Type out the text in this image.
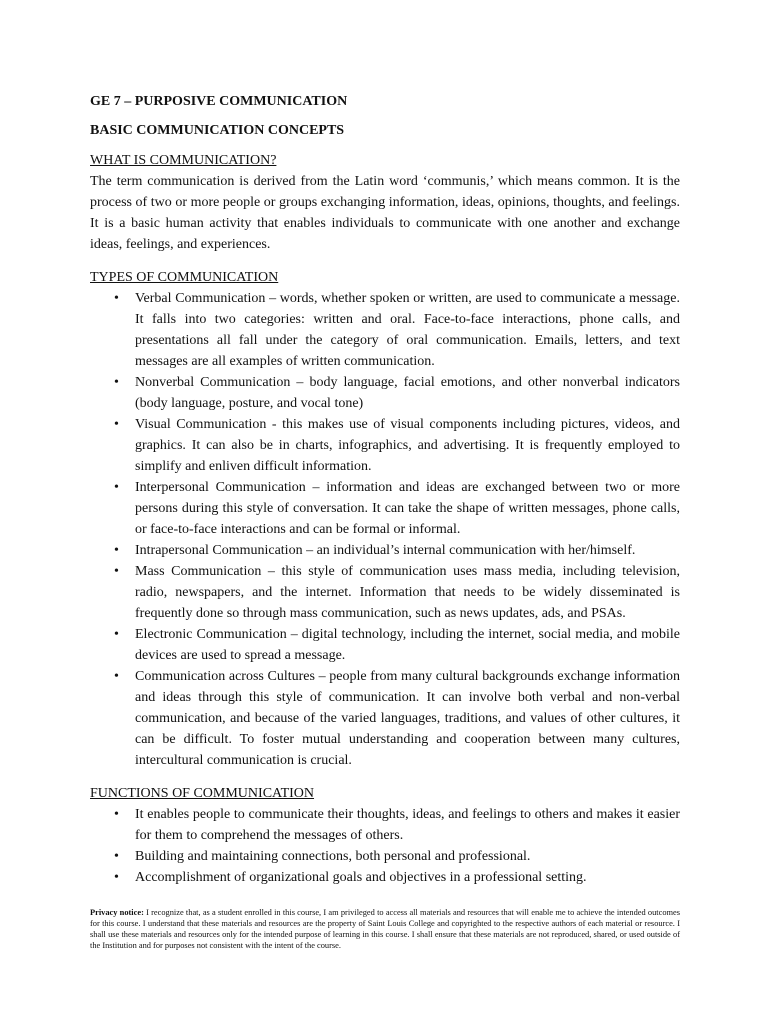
GE 7 – PURPOSIVE COMMUNICATION
BASIC COMMUNICATION CONCEPTS
WHAT IS COMMUNICATION?

The term communication is derived from the Latin word ‘communis,’ which means common. It is the process of two or more people or groups exchanging information, ideas, opinions, thoughts, and feelings. It is a basic human activity that enables individuals to communicate with one another and exchange ideas, feelings, and experiences.

TYPES OF COMMUNICATION
• Verbal Communication – words, whether spoken or written, are used to communicate a message. It falls into two categories: written and oral. Face-to-face interactions, phone calls, and presentations all fall under the category of oral communication. Emails, letters, and text messages are all examples of written communication.
• Nonverbal Communication – body language, facial emotions, and other nonverbal indicators (body language, posture, and vocal tone)
• Visual Communication - this makes use of visual components including pictures, videos, and graphics. It can also be in charts, infographics, and advertising. It is frequently employed to simplify and enliven difficult information.
• Interpersonal Communication – information and ideas are exchanged between two or more persons during this style of conversation. It can take the shape of written messages, phone calls, or face-to-face interactions and can be formal or informal.
• Intrapersonal Communication – an individual’s internal communication with her/himself.
• Mass Communication – this style of communication uses mass media, including television, radio, newspapers, and the internet. Information that needs to be widely disseminated is frequently done so through mass communication, such as news updates, ads, and PSAs.
• Electronic Communication – digital technology, including the internet, social media, and mobile devices are used to spread a message.
• Communication across Cultures – people from many cultural backgrounds exchange information and ideas through this style of communication. It can involve both verbal and non-verbal communication, and because of the varied languages, traditions, and values of other cultures, it can be difficult. To foster mutual understanding and cooperation between many cultures, intercultural communication is crucial.
FUNCTIONS OF COMMUNICATION
• It enables people to communicate their thoughts, ideas, and feelings to others and makes it easier for them to comprehend the messages of others.
• Building and maintaining connections, both personal and professional.
• Accomplishment of organizational goals and objectives in a professional setting.
Privacy notice: I recognize that, as a student enrolled in this course, I am privileged to access all materials and resources that will enable me to achieve the intended outcomes for this course. I understand that these materials and resources are the property of Saint Louis College and copyrighted to the respective authors of each material or resource. I shall use these materials and resources only for the intended purpose of learning in this course. I shall ensure that these materials are not reproduced, shared, or used outside of the Institution and for purposes not consistent with the intent of the course.
